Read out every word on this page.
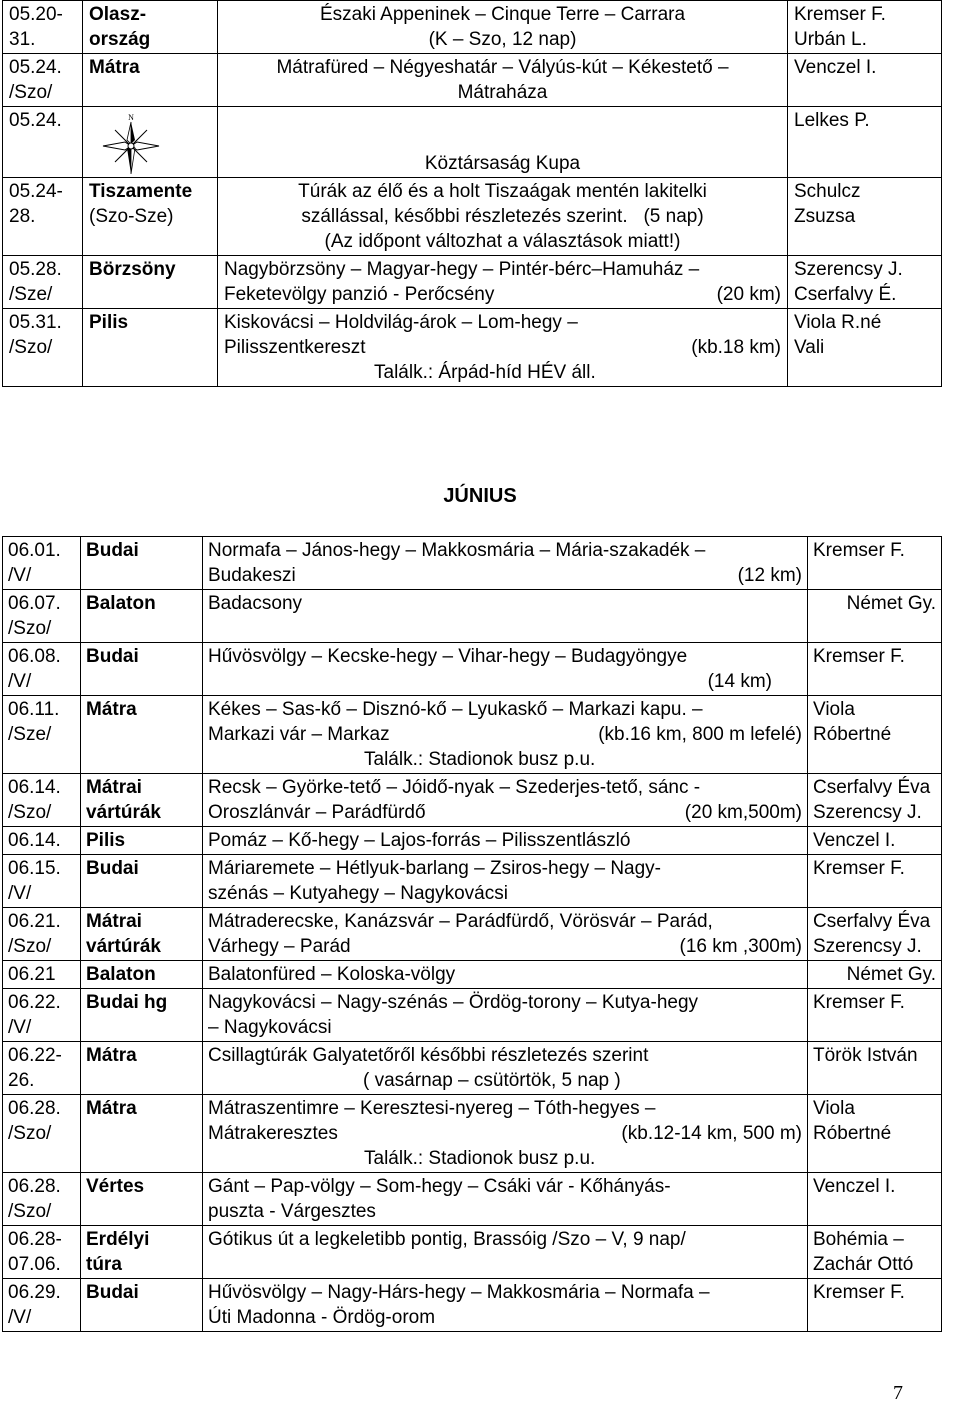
05.20-
31.	Olasz-
ország	Északi Appeninek – Cinque Terre – Carrara
(K – Szo, 12 nap)	Kremser F.
Urbán L.

05.24.
/Szo/	Mátra	Mátrafüred – Négyeshatár – Vályús-kút – Kékestető –
Mátraháza	Venczel I.

05.24.	N	Köztársaság Kupa	Lelkes P.

05.24-
28.	Tiszamente
(Szo-Sze)	Túrák az élő és a holt Tiszaágak mentén lakitelki
szállással, későbbi részletezés szerint. (5 nap)
(Az időpont változhat a választások miatt!)	Schulcz
Zsuzsa

05.28.
/Sze/	Börzsöny	Nagybörzsöny – Magyar-hegy – Pintér-bérc–Hamuház –
Feketevölgy panzió - Perőcsény (20 km)	Szerencsy J.
Cserfalvy É.

05.31.
/Szo/	Pilis	Kiskovácsi – Holdvilág-árok – Lom-hegy –
Pilisszentkereszt (kb.18 km)
Találk.: Árpád-híd HÉV áll.	Viola R.né
Vali
JÚNIUS
06.01.
/V/	Budai	Normafa – János-hegy – Makkosmária – Mária-szakadék –
Budakeszi (12 km)	Kremser F.

06.07.
/Szo/	Balaton	Badacsony	Német Gy.

06.08.
/V/	Budai	Hűvösvölgy – Kecske-hegy – Vihar-hegy – Budagyöngye
(14 km)	Kremser F.

06.11.
/Sze/	Mátra	Kékes – Sas-kő – Disznó-kő – Lyukaskő – Markazi kapu. –
Markazi vár – Markaz (kb.16 km, 800 m lefelé)
Találk.: Stadionok busz p.u.	Viola
Róbertné

06.14.
/Szo/	Mátrai
vártúrák	Recsk – Györke-tető – Jóidő-nyak – Szederjes-tető, sánc -
Oroszlánvár – Parádfürdő (20 km,500m)	Cserfalvy Éva
Szerencsy J.

06.14.	Pilis	Pomáz – Kő-hegy – Lajos-forrás – Pilisszentlászló	Venczel I.

06.15.
/V/	Budai	Máriaremete – Hétlyuk-barlang – Zsiros-hegy – Nagy-
szénás – Kutyahegy – Nagykovácsi	Kremser F.

06.21.
/Szo/	Mátrai
vártúrák	Mátraderecske, Kanázsvár – Parádfürdő, Vörösvár – Parád,
Várhegy – Parád (16 km ,300m)	Cserfalvy Éva
Szerencsy J.

06.21	Balaton	Balatonfüred – Koloska-völgy	Német Gy.

06.22.
/V/	Budai hg	Nagykovácsi – Nagy-szénás – Ördög-torony – Kutya-hegy
– Nagykovácsi	Kremser F.

06.22-
26.	Mátra	Csillagtúrák Galyatetőről későbbi részletezés szerint
( vasárnap – csütörtök, 5 nap )	Török István

06.28.
/Szo/	Mátra	Mátraszentimre – Keresztesi-nyereg – Tóth-hegyes –
Mátrakeresztes (kb.12-14 km, 500 m)
Találk.: Stadionok busz p.u.	Viola
Róbertné

06.28.
/Szo/	Vértes	Gánt – Pap-völgy – Som-hegy – Csáki vár - Kőhányás-
puszta - Várgesztes	Venczel I.

06.28-
07.06.	Erdélyi
túra	Gótikus út a legkeletibb pontig, Brassóig /Szo – V, 9 nap/	Bohémia –
Zachár Ottó

06.29.
/V/	Budai	Hűvösvölgy – Nagy-Hárs-hegy – Makkosmária – Normafa –
Úti Madonna - Ördög-orom	Kremser F.
7
